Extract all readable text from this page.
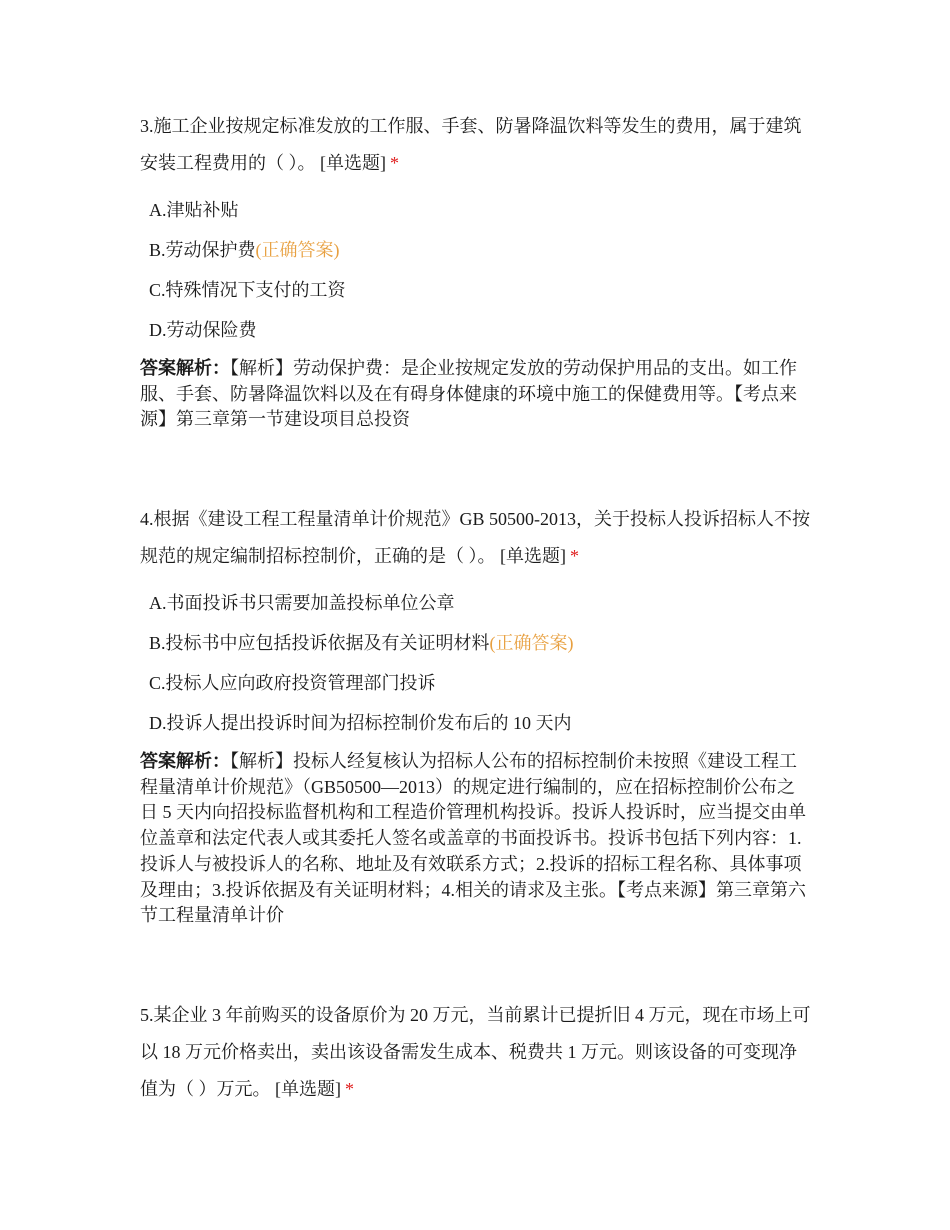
3.施工企业按规定标准发放的工作服、手套、防暑降温饮料等发生的费用，属于建筑安装工程费用的（ ）。 [单选题] *

A.津贴补贴

B.劳动保护费(正确答案)

C.特殊情况下支付的工资

D.劳动保险费

答案解析：【解析】劳动保护费：是企业按规定发放的劳动保护用品的支出。如工作服、手套、防暑降温饮料以及在有碍身体健康的环境中施工的保健费用等。【考点来源】第三章第一节建设项目总投资

4.根据《建设工程工程量清单计价规范》GB 50500-2013，关于投标人投诉招标人不按规范的规定编制招标控制价，正确的是（ ）。 [单选题] *

A.书面投诉书只需要加盖投标单位公章

B.投标书中应包括投诉依据及有关证明材料(正确答案)

C.投标人应向政府投资管理部门投诉

D.投诉人提出投诉时间为招标控制价发布后的 10 天内

答案解析：【解析】投标人经复核认为招标人公布的招标控制价未按照《建设工程工程量清单计价规范》（GB50500—2013）的规定进行编制的，应在招标控制价公布之日 5 天内向招投标监督机构和工程造价管理机构投诉。投诉人投诉时，应当提交由单位盖章和法定代表人或其委托人签名或盖章的书面投诉书。投诉书包括下列内容：1.投诉人与被投诉人的名称、地址及有效联系方式；2.投诉的招标工程名称、具体事项及理由；3.投诉依据及有关证明材料；4.相关的请求及主张。【考点来源】第三章第六节工程量清单计价

5.某企业 3 年前购买的设备原价为 20 万元，当前累计已提折旧 4 万元，现在市场上可以 18 万元价格卖出，卖出该设备需发生成本、税费共 1 万元。则该设备的可变现净值为（ ）万元。 [单选题] *
